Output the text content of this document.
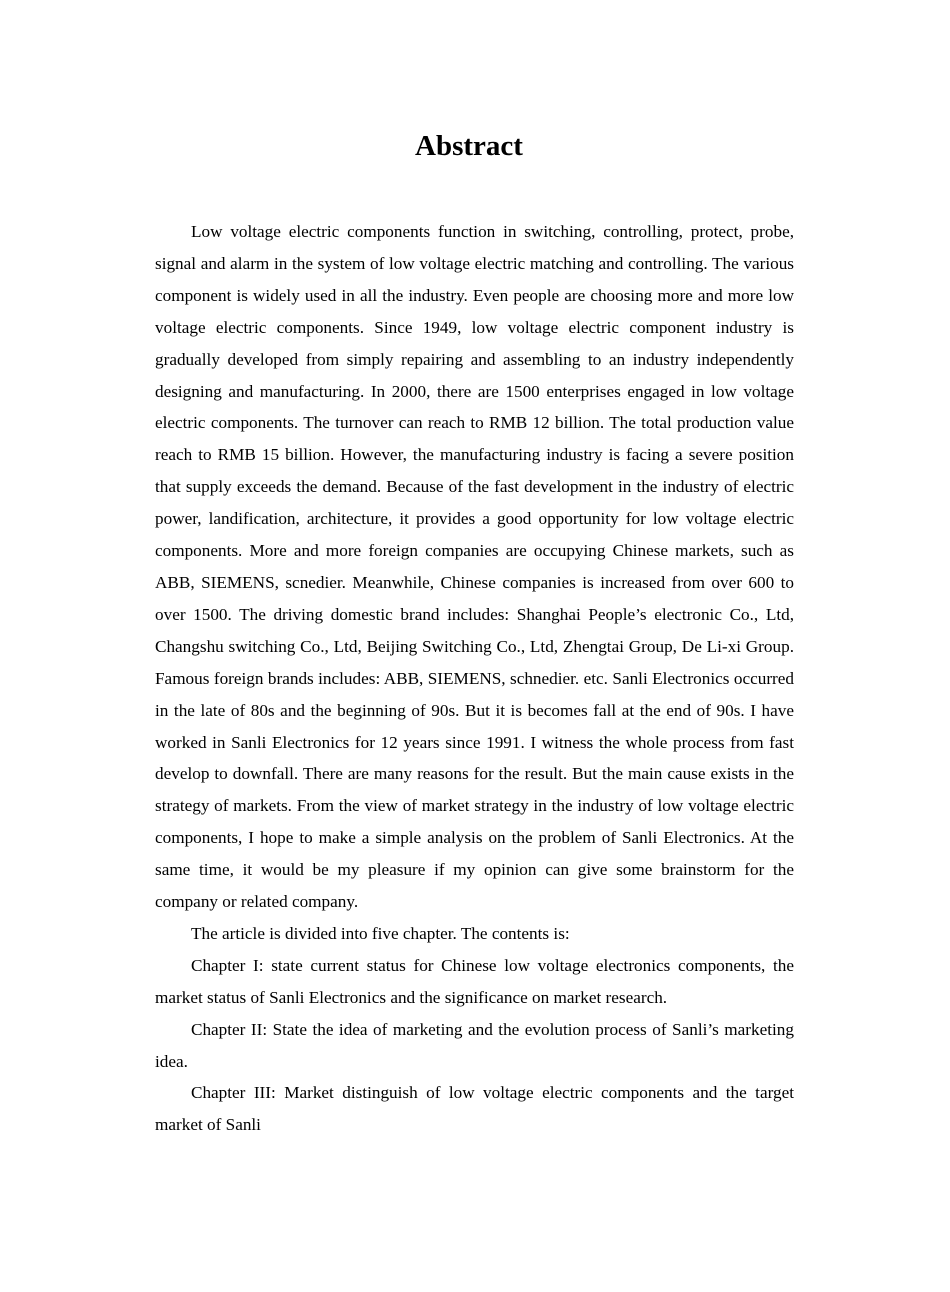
Abstract

Low voltage electric components function in switching, controlling, protect, probe, signal and alarm in the system of low voltage electric matching and controlling. The various component is widely used in all the industry. Even people are choosing more and more low voltage electric components. Since 1949, low voltage electric component industry is gradually developed from simply repairing and assembling to an industry independently designing and manufacturing. In 2000, there are 1500 enterprises engaged in low voltage electric components. The turnover can reach to RMB 12 billion. The total production value reach to RMB 15 billion. However, the manufacturing industry is facing a severe position that supply exceeds the demand. Because of the fast development in the industry of electric power, landification, architecture, it provides a good opportunity for low voltage electric components. More and more foreign companies are occupying Chinese markets, such as ABB, SIEMENS, scnedier. Meanwhile, Chinese companies is increased from over 600 to over 1500. The driving domestic brand includes: Shanghai People’s electronic Co., Ltd, Changshu switching Co., Ltd, Beijing Switching Co., Ltd, Zhengtai Group, De Li-xi Group. Famous foreign brands includes: ABB, SIEMENS, schnedier. etc. Sanli Electronics occurred in the late of 80s and the beginning of 90s. But it is becomes fall at the end of 90s. I have worked in Sanli Electronics for 12 years since 1991. I witness the whole process from fast develop to downfall. There are many reasons for the result. But the main cause exists in the strategy of markets. From the view of market strategy in the industry of low voltage electric components, I hope to make a simple analysis on the problem of Sanli Electronics. At the same time, it would be my pleasure if my opinion can give some brainstorm for the company or related company.

The article is divided into five chapter. The contents is:

Chapter I: state current status for Chinese low voltage electronics components, the market status of Sanli Electronics and the significance on market research.

Chapter II: State the idea of marketing and the evolution process of Sanli’s marketing idea.

Chapter III: Market distinguish of low voltage electric components and the target market of Sanli
